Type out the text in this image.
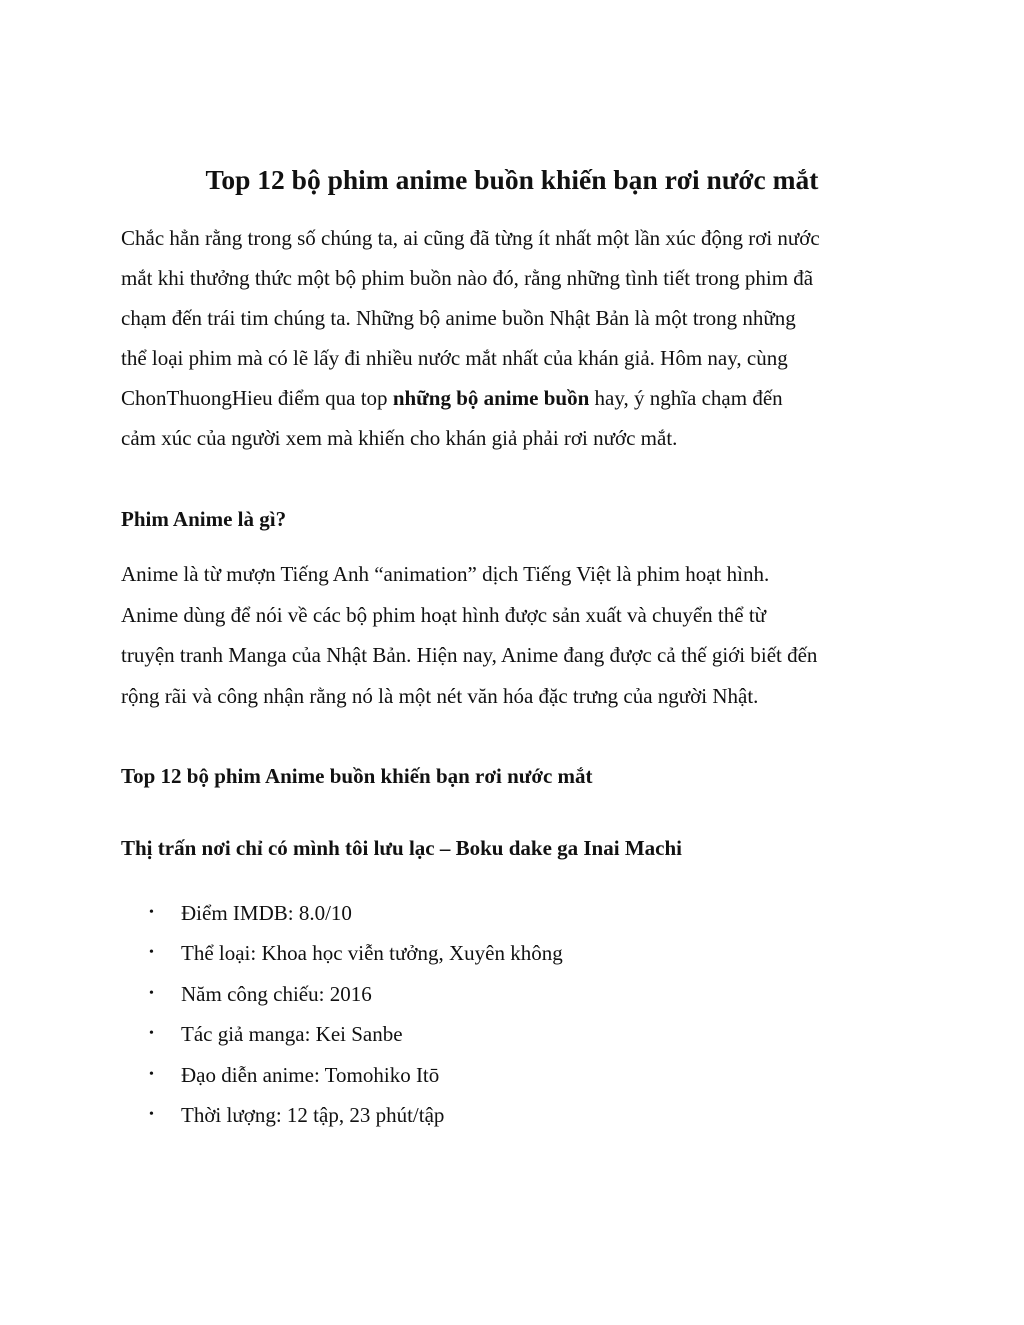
Top 12 bộ phim anime buồn khiến bạn rơi nước mắt

Chắc hẳn rằng trong số chúng ta, ai cũng đã từng ít nhất một lần xúc động rơi nước
mắt khi thưởng thức một bộ phim buồn nào đó, rằng những tình tiết trong phim đã
chạm đến trái tim chúng ta. Những bộ anime buồn Nhật Bản là một trong những
thể loại phim mà có lẽ lấy đi nhiều nước mắt nhất của khán giả. Hôm nay, cùng
ChonThuongHieu điểm qua top những bộ anime buồn hay, ý nghĩa chạm đến
cảm xúc của người xem mà khiến cho khán giả phải rơi nước mắt.

Phim Anime là gì?

Anime là từ mượn Tiếng Anh “animation” dịch Tiếng Việt là phim hoạt hình.
Anime dùng để nói về các bộ phim hoạt hình được sản xuất và chuyển thể từ
truyện tranh Manga của Nhật Bản. Hiện nay, Anime đang được cả thế giới biết đến
rộng rãi và công nhận rằng nó là một nét văn hóa đặc trưng của người Nhật.

Top 12 bộ phim Anime buồn khiến bạn rơi nước mắt
Thị trấn nơi chỉ có mình tôi lưu lạc – Boku dake ga Inai Machi
• Điểm IMDB: 8.0/10
• Thể loại: Khoa học viễn tưởng, Xuyên không
• Năm công chiếu: 2016
• Tác giả manga: Kei Sanbe
• Đạo diễn anime: Tomohiko Itō
• Thời lượng: 12 tập, 23 phút/tập
